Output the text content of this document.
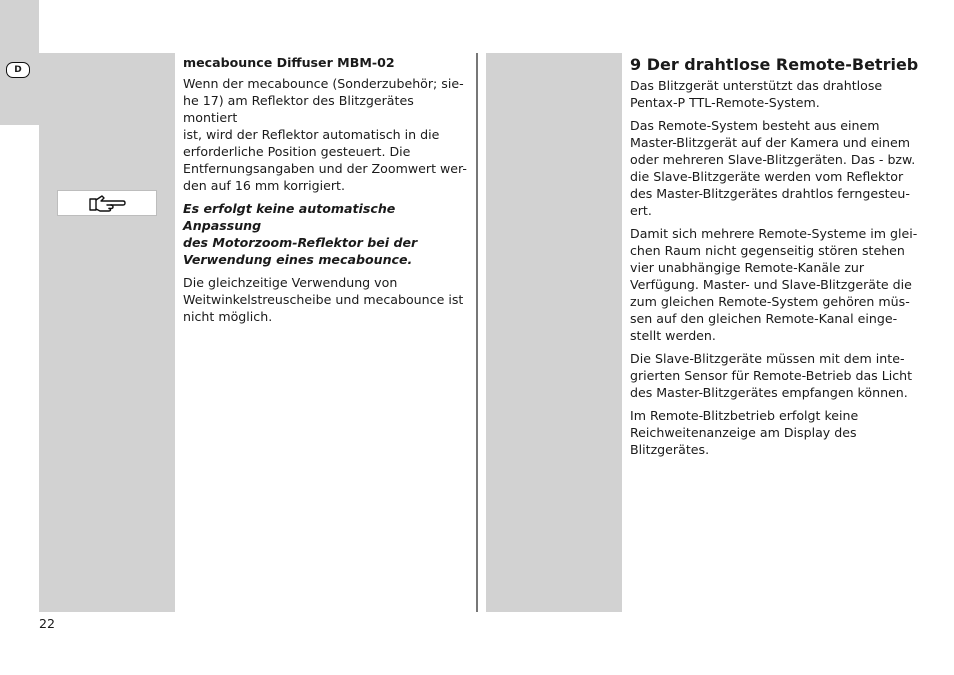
D	mecabounce Diffuser MBM-02
Wenn der mecabounce (Sonderzubehör; sie-
he 17) am Reflektor des Blitzgerätes montiert
ist, wird der Reflektor automatisch in die
erforderliche Position gesteuert. Die
Entfernungsangaben und der Zoomwert wer-
den auf 16 mm korrigiert.
Es erfolgt keine automatische Anpassung
des Motorzoom-Reflektor bei der
Verwendung eines mecabounce.
Die gleichzeitige Verwendung von
Weitwinkelstreuscheibe und mecabounce ist
nicht möglich.
9 Der drahtlose Remote-Betrieb
Das Blitzgerät unterstützt das drahtlose
Pentax-P TTL-Remote-System.
Das Remote-System besteht aus einem
Master-Blitzgerät auf der Kamera und einem
oder mehreren Slave-Blitzgeräten. Das - bzw.
die Slave-Blitzgeräte werden vom Reflektor
des Master-Blitzgerätes drahtlos ferngesteu-
ert.
Damit sich mehrere Remote-Systeme im glei-
chen Raum nicht gegenseitig stören stehen
vier unabhängige Remote-Kanäle zur
Verfügung. Master- und Slave-Blitzgeräte die
zum gleichen Remote-System gehören müs-
sen auf den gleichen Remote-Kanal einge-
stellt werden.
Die Slave-Blitzgeräte müssen mit dem inte-
grierten Sensor für Remote-Betrieb das Licht
des Master-Blitzgerätes empfangen können.
Im Remote-Blitzbetrieb erfolgt keine
Reichweitenanzeige am Display des
Blitzgerätes.
22
